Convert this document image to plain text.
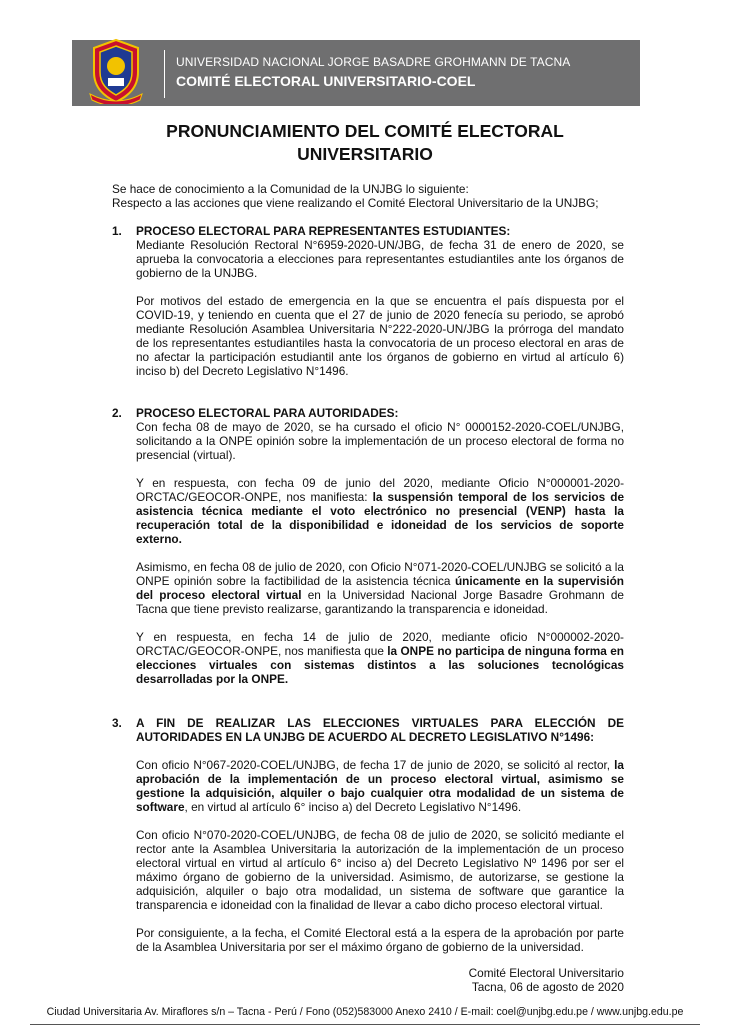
UNIVERSIDAD NACIONAL JORGE BASADRE GROHMANN DE TACNA
COMITÉ ELECTORAL UNIVERSITARIO-COEL
PRONUNCIAMIENTO DEL COMITÉ ELECTORAL
UNIVERSITARIO

Se hace de conocimiento a la Comunidad de la UNJBG lo siguiente:

Respecto a las acciones que viene realizando el Comité Electoral Universitario de la UNJBG;

1. PROCESO ELECTORAL PARA REPRESENTANTES ESTUDIANTES:

Mediante Resolución Rectoral N°6959-2020-UN/JBG, de fecha 31 de enero de 2020, se aprueba la convocatoria a elecciones para representantes estudiantiles ante los órganos de gobierno de la UNJBG.

Por motivos del estado de emergencia en la que se encuentra el país dispuesta por el COVID-19, y teniendo en cuenta que el 27 de junio de 2020 fenecía su periodo, se aprobó mediante Resolución Asamblea Universitaria N°222-2020-UN/JBG la prórroga del mandato de los representantes estudiantiles hasta la convocatoria de un proceso electoral en aras de no afectar la participación estudiantil ante los órganos de gobierno en virtud al artículo 6) inciso b) del Decreto Legislativo N°1496.

2. PROCESO ELECTORAL PARA AUTORIDADES:

Con fecha 08 de mayo de 2020, se ha cursado el oficio N° 0000152-2020-COEL/UNJBG, solicitando a la ONPE opinión sobre la implementación de un proceso electoral de forma no presencial (virtual).

Y en respuesta, con fecha 09 de junio del 2020, mediante Oficio N°000001-2020-ORCTAC/GEOCOR-ONPE, nos manifiesta: la suspensión temporal de los servicios de asistencia técnica mediante el voto electrónico no presencial (VENP) hasta la recuperación total de la disponibilidad e idoneidad de los servicios de soporte externo.

Asimismo, en fecha 08 de julio de 2020, con Oficio N°071-2020-COEL/UNJBG se solicitó a la ONPE opinión sobre la factibilidad de la asistencia técnica únicamente en la supervisión del proceso electoral virtual en la Universidad Nacional Jorge Basadre Grohmann de Tacna que tiene previsto realizarse, garantizando la transparencia e idoneidad.

Y en respuesta, en fecha 14 de julio de 2020, mediante oficio N°000002-2020-ORCTAC/GEOCOR-ONPE, nos manifiesta que la ONPE no participa de ninguna forma en elecciones virtuales con sistemas distintos a las soluciones tecnológicas desarrolladas por la ONPE.

3. A FIN DE REALIZAR LAS ELECCIONES VIRTUALES PARA ELECCIÓN DE AUTORIDADES EN LA UNJBG DE ACUERDO AL DECRETO LEGISLATIVO N°1496:

Con oficio N°067-2020-COEL/UNJBG, de fecha 17 de junio de 2020, se solicitó al rector, la aprobación de la implementación de un proceso electoral virtual, asimismo se gestione la adquisición, alquiler o bajo cualquier otra modalidad de un sistema de software, en virtud al artículo 6° inciso a) del Decreto Legislativo N°1496.

Con oficio N°070-2020-COEL/UNJBG, de fecha 08 de julio de 2020, se solicitó mediante el rector ante la Asamblea Universitaria la autorización de la implementación de un proceso electoral virtual en virtud al artículo 6° inciso a) del Decreto Legislativo Nº 1496 por ser el máximo órgano de gobierno de la universidad. Asimismo, de autorizarse, se gestione la adquisición, alquiler o bajo otra modalidad, un sistema de software que garantice la transparencia e idoneidad con la finalidad de llevar a cabo dicho proceso electoral virtual.

Por consiguiente, a la fecha, el Comité Electoral está a la espera de la aprobación por parte de la Asamblea Universitaria por ser el máximo órgano de gobierno de la universidad.

Comité Electoral Universitario

Tacna, 06 de agosto de 2020

Ciudad Universitaria Av. Miraflores s/n – Tacna - Perú / Fono (052)583000 Anexo 2410 / E-mail: coel@unjbg.edu.pe / www.unjbg.edu.pe
